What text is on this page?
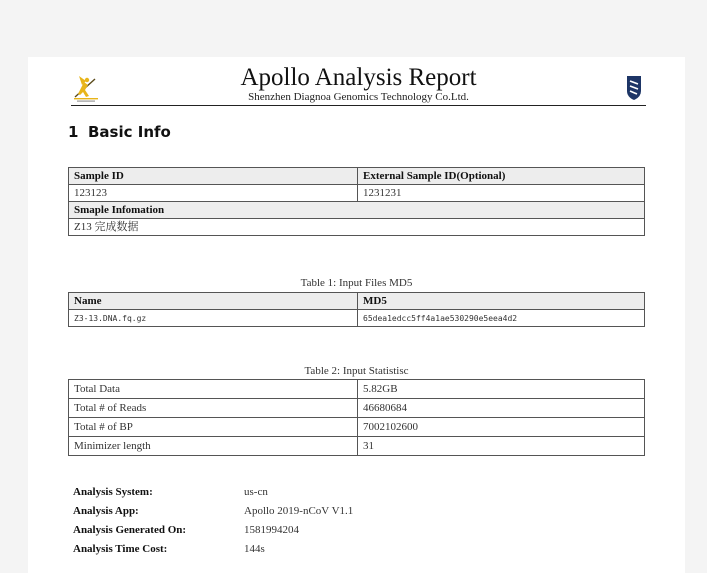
Apollo Analysis Report
Shenzhen Diagnoa Genomics Technology Co.Ltd.
1 Basic Info
Sample ID	External Sample ID(Optional)
123123	1231231
Smaple Infomation	
Z13 完成数据	
Table 1: Input Files MD5
Name	MD5
Z3-13.DNA.fq.gz	65dea1edcc5ff4a1ae530290e5eea4d2
Table 2: Input Statistisc
Total Data	5.82GB
Total # of Reads	46680684
Total # of BP	7002102600
Minimizer length	31
Analysis System:	us-cn
Analysis App:	Apollo 2019-nCoV V1.1
Analysis Generated On:	1581994204
Analysis Time Cost:	144s
